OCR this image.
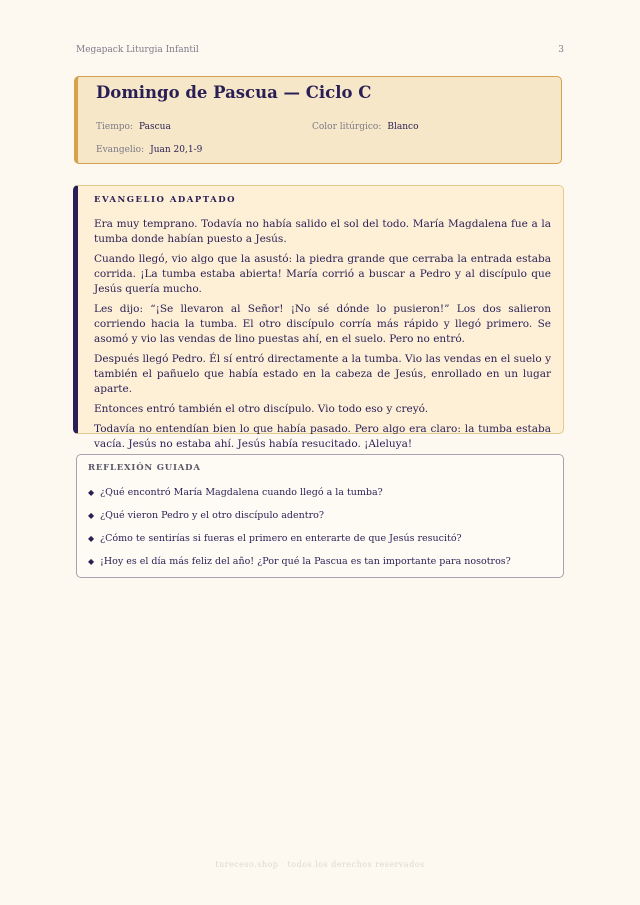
Megapack Liturgia Infantil	3
Domingo de Pascua — Ciclo C
Tiempo: Pascua	Color litúrgico: Blanco
Evangelio: Juan 20,1-9
EVANGELIO ADAPTADO

Era muy temprano. Todavía no había salido el sol del todo. María Magdalena fue a la tumba donde habían puesto a Jesús.

Cuando llegó, vio algo que la asustó: la piedra grande que cerraba la entrada estaba corrida. ¡La tumba estaba abierta! María corrió a buscar a Pedro y al discípulo que Jesús quería mucho.

Les dijo: “¡Se llevaron al Señor! ¡No sé dónde lo pusieron!” Los dos salieron corriendo hacia la tumba. El otro discípulo corría más rápido y llegó primero. Se asomó y vio las vendas de lino puestas ahí, en el suelo. Pero no entró.

Después llegó Pedro. Él sí entró directamente a la tumba. Vio las vendas en el suelo y también el pañuelo que había estado en la cabeza de Jesús, enrollado en un lugar aparte.

Entonces entró también el otro discípulo. Vio todo eso y creyó.

Todavía no entendían bien lo que había pasado. Pero algo era claro: la tumba estaba vacía. Jesús no estaba ahí. Jesús había resucitado. ¡Aleluya!

REFLEXIÓN GUIADA
◆ ¿Qué encontró María Magdalena cuando llegó a la tumba?
◆ ¿Qué vieron Pedro y el otro discípulo adentro?
◆ ¿Cómo te sentirías si fueras el primero en enterarte de que Jesús resucitó?
◆ ¡Hoy es el día más feliz del año! ¿Por qué la Pascua es tan importante para nosotros?
tureceso.shop · todos los derechos reservados
